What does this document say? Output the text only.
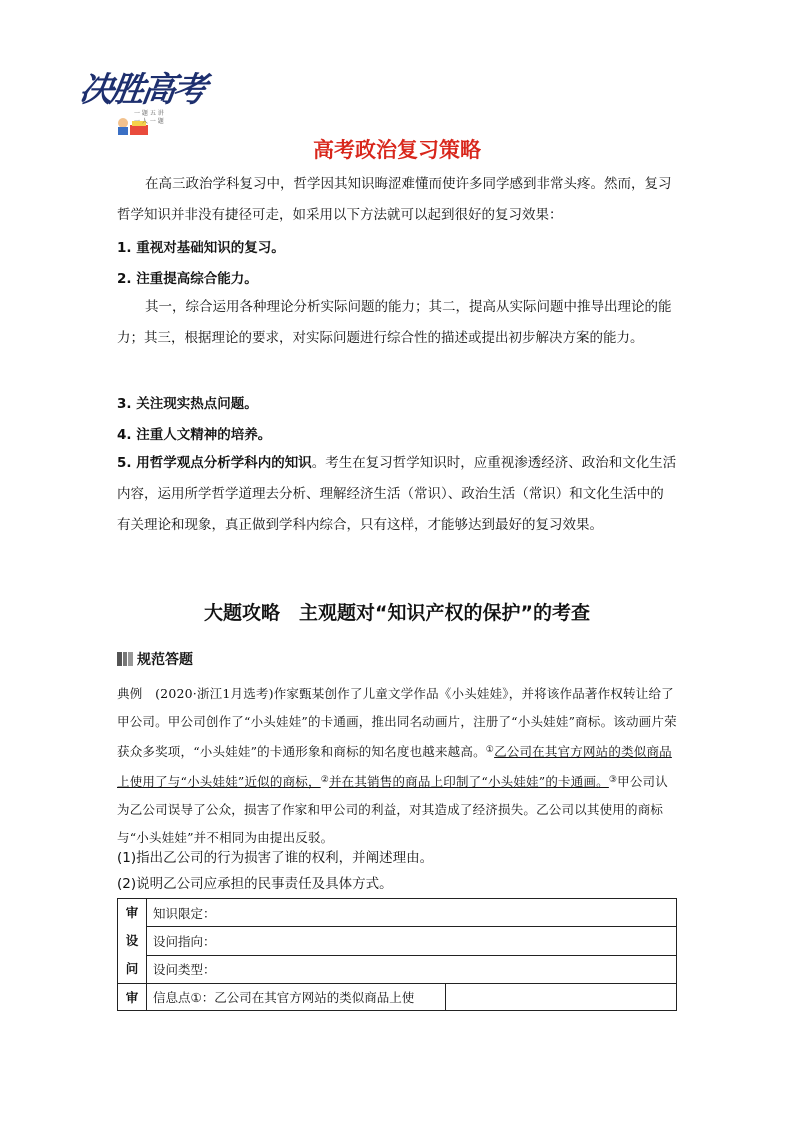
决胜高考
一 题 五 讲
一 人 一 题
高考政治复习策略
在高三政治学科复习中，哲学因其知识晦涩难懂而使许多同学感到非常头疼。然而，复习哲学知识并非没有捷径可走，如采用以下方法就可以起到很好的复习效果：
1. 重视对基础知识的复习。
2. 注重提高综合能力。
其一，综合运用各种理论分析实际问题的能力；其二，提高从实际问题中推导出理论的能力；其三，根据理论的要求，对实际问题进行综合性的描述或提出初步解决方案的能力。
3. 关注现实热点问题。
4. 注重人文精神的培养。
5. 用哲学观点分析学科内的知识。考生在复习哲学知识时，应重视渗透经济、政治和文化生活内容，运用所学哲学道理去分析、理解经济生活（常识）、政治生活（常识）和文化生活中的有关理论和现象，真正做到学科内综合，只有这样，才能够达到最好的复习效果。
大题攻略　主观题对“知识产权的保护”的考查
规范答题
典例　(2020·浙江1月选考)作家甄某创作了儿童文学作品《小头娃娃》，并将该作品著作权转让给了甲公司。甲公司创作了“小头娃娃”的卡通画，推出同名动画片，注册了“小头娃娃”商标。该动画片荣获众多奖项，“小头娃娃”的卡通形象和商标的知名度也越来越高。①乙公司在其官方网站的类似商品上使用了与“小头娃娃”近似的商标，②并在其销售的商品上印制了“小头娃娃”的卡通画。③甲公司认为乙公司误导了公众，损害了作家和甲公司的利益，对其造成了经济损失。乙公司以其使用的商标与“小头娃娃”并不相同为由提出反驳。
(1)指出乙公司的行为损害了谁的权利，并阐述理由。
(2)说明乙公司应承担的民事责任及具体方式。
审
设
问	知识限定：	
	设问指向：	
	设问类型：	
审	信息点①：乙公司在其官方网站的类似商品上使	
